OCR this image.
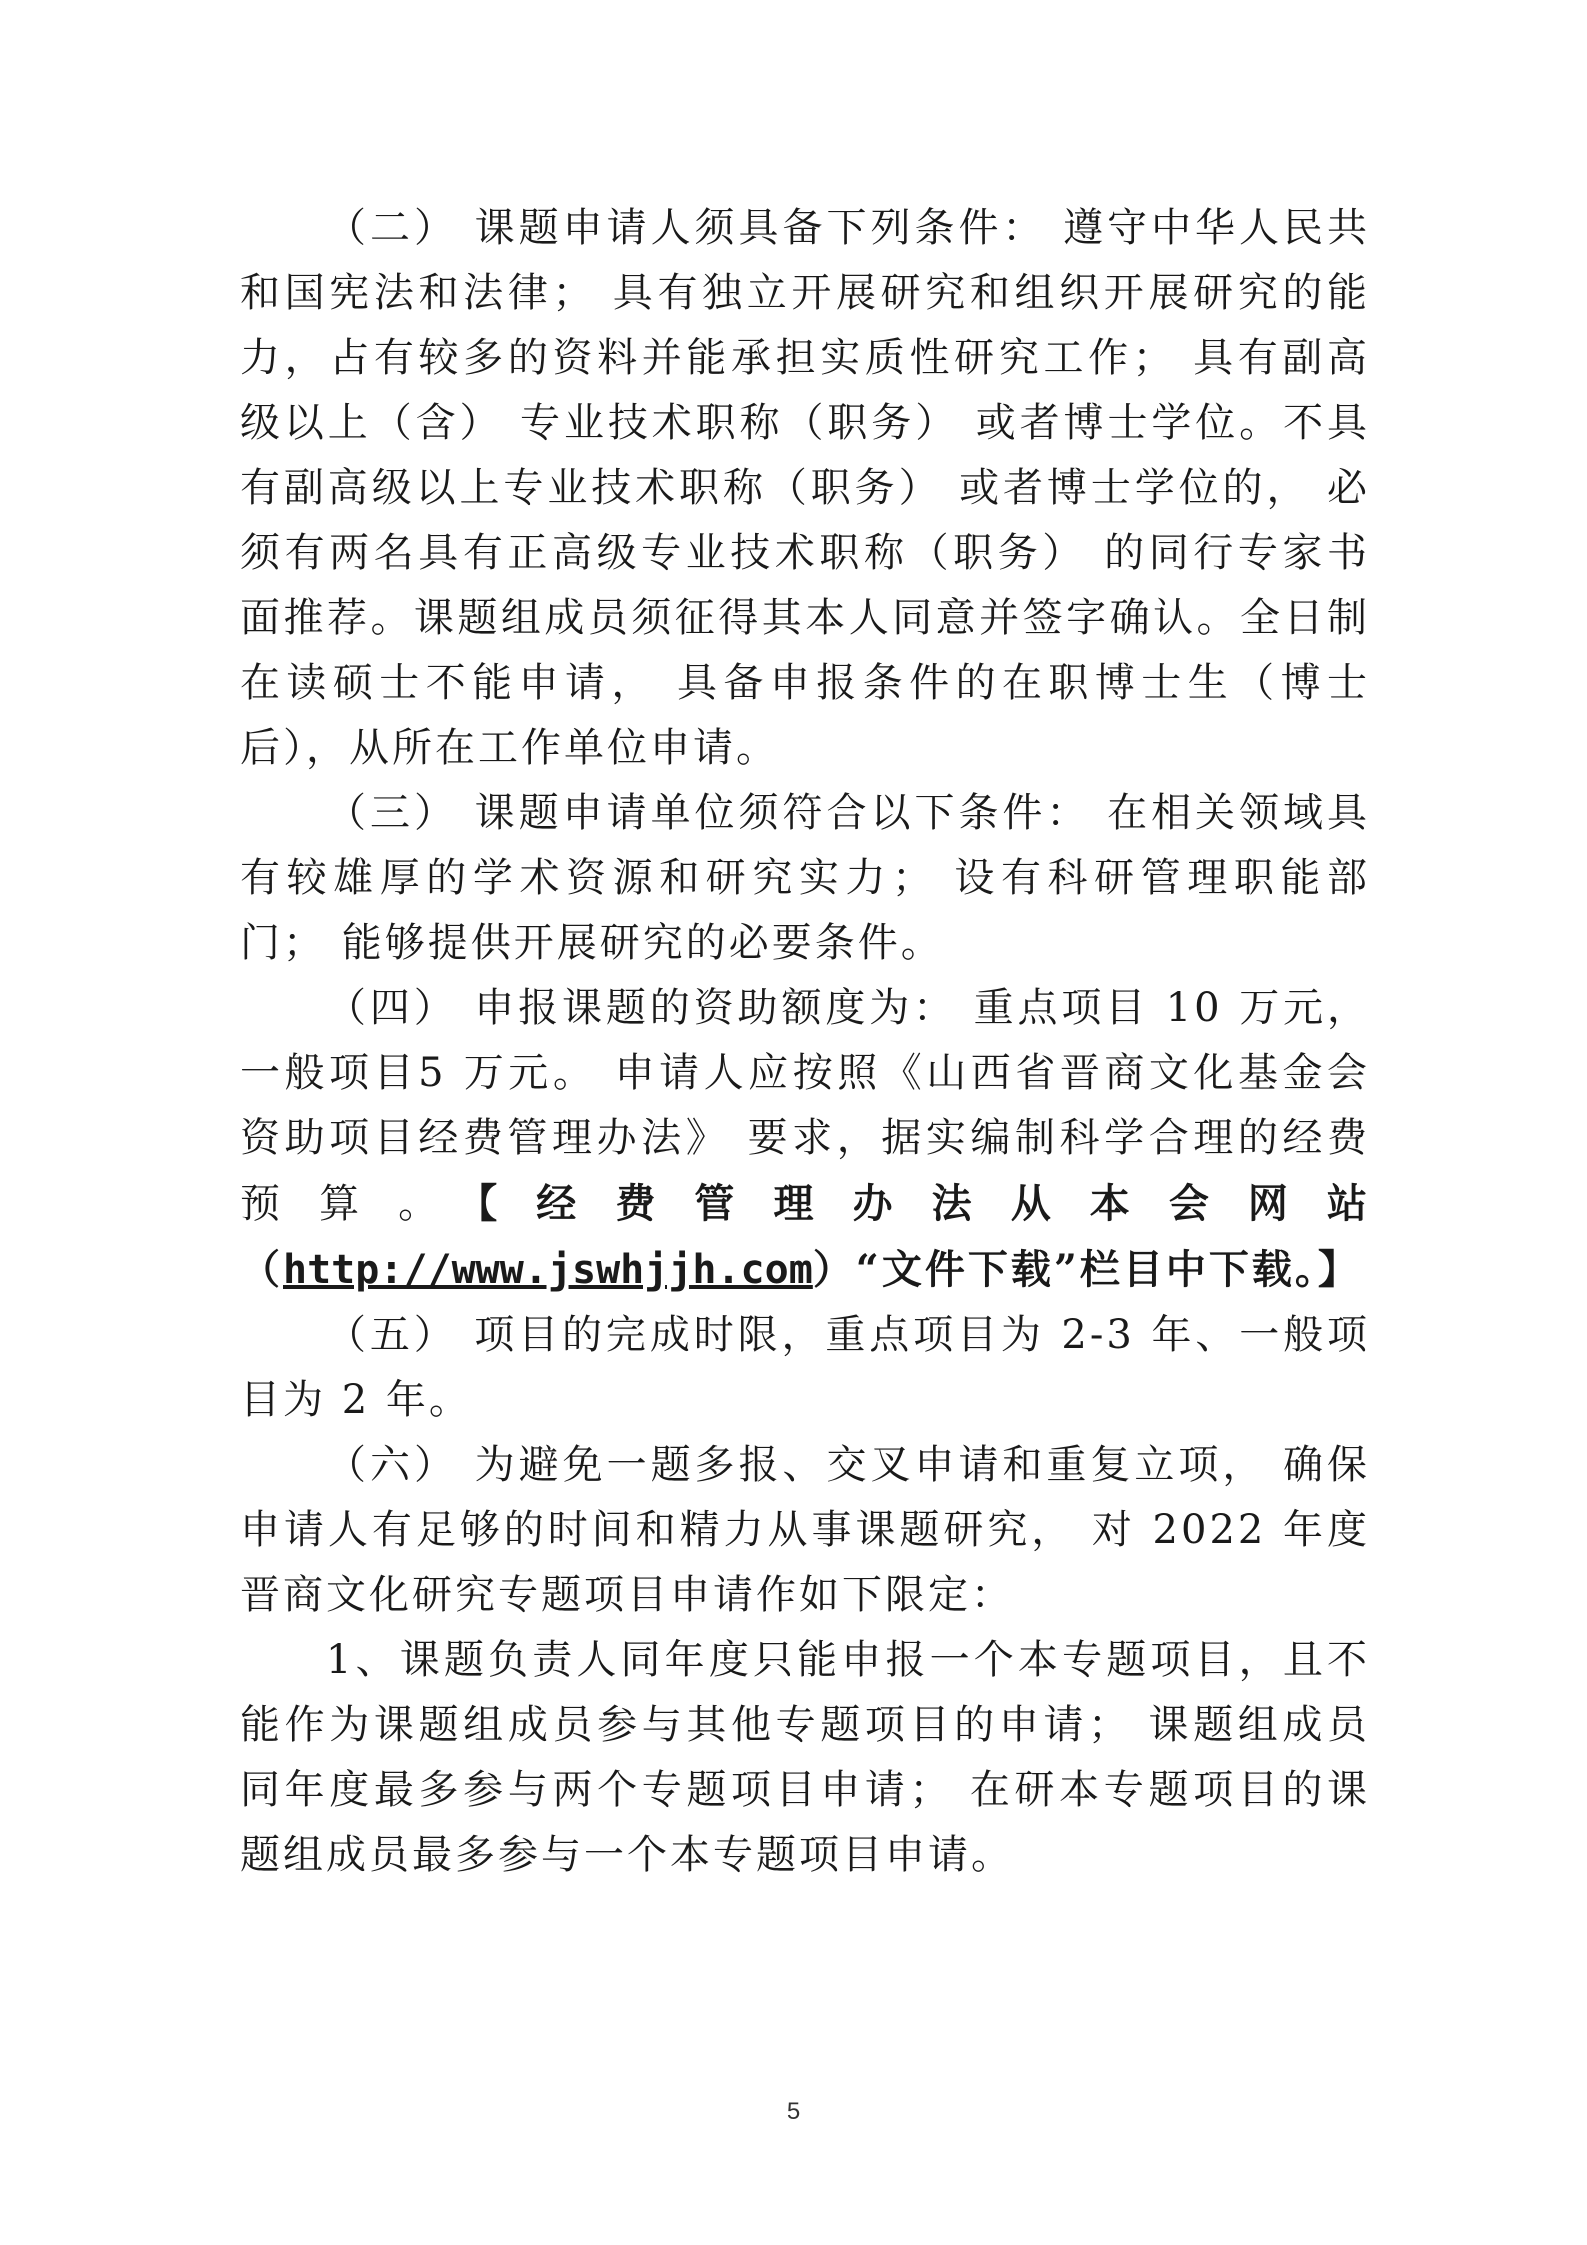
（二） 课题申请人须具备下列条件： 遵守中华人民共和国宪法和法律； 具有独立开展研究和组织开展研究的能力，占有较多的资料并能承担实质性研究工作； 具有副高级以上（含） 专业技术职称（职务） 或者博士学位。不具有副高级以上专业技术职称（职务） 或者博士学位的， 必须有两名具有正高级专业技术职称（职务） 的同行专家书面推荐。课题组成员须征得其本人同意并签字确认。全日制在读硕士不能申请， 具备申报条件的在职博士生（博士后），从所在工作单位申请。

（三） 课题申请单位须符合以下条件： 在相关领域具有较雄厚的学术资源和研究实力； 设有科研管理职能部门； 能够提供开展研究的必要条件。

（四） 申报课题的资助额度为： 重点项目 10 万元，一般项目5 万元。 申请人应按照《山西省晋商文化基金会资助项目经费管理办法》 要求，据实编制科学合理的经费预算。【经费管理办法从本会网站（http://www.jswhjjh.com）“文件下载”栏目中下载。】

（五） 项目的完成时限，重点项目为 2-3 年、一般项目为 2 年。

（六） 为避免一题多报、交叉申请和重复立项， 确保申请人有足够的时间和精力从事课题研究， 对 2022 年度晋商文化研究专题项目申请作如下限定：

1、课题负责人同年度只能申报一个本专题项目，且不能作为课题组成员参与其他专题项目的申请； 课题组成员同年度最多参与两个专题项目申请； 在研本专题项目的课题组成员最多参与一个本专题项目申请。

5
